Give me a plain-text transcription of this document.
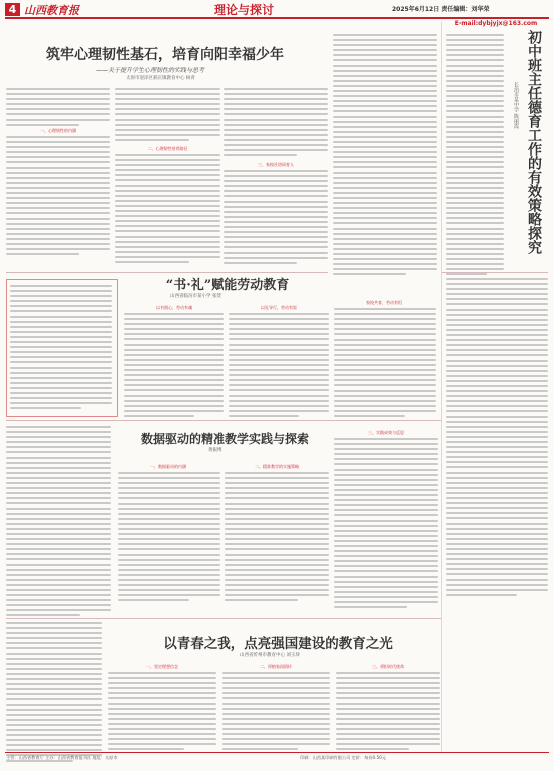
4 山西教育报	理论与探讨	2025年6月12日 责任编辑：刘华荣
筑牢心理韧性基石，培育向阳幸福少年
——关于提升学生心理韧性的实践与思考
太原市迎泽区郝庄镇教育中心 杨青
一、心理韧性的内涵
二、心理韧性培养路径
三、家校社协同育人
E-mail:dybjyjx@163.com
初中班主任德育工作的有效策略探究
长治市某中学 陈丽霞
“书·礼”赋能劳动教育
山西省临汾市某小学 张萱
以书润心，劳动有魂	以礼导行，劳动有矩
家校共育，劳动有恒
数据驱动的精准教学实践与探索
黄振博
一、数据驱动的内涵	二、精准教学的实施策略
三、实践成效与反思
以青春之我，点亮强国建设的教育之光
山西省忻州市教育中心 刘玉珍
一、坚定理想信念	二、厚植家国情怀	三、勇担时代使命
主管：山西省教育厅 主办：山西省教育报刊社 地址：太原市	印刷：山西某印刷有限公司 定价：每份0.50元
